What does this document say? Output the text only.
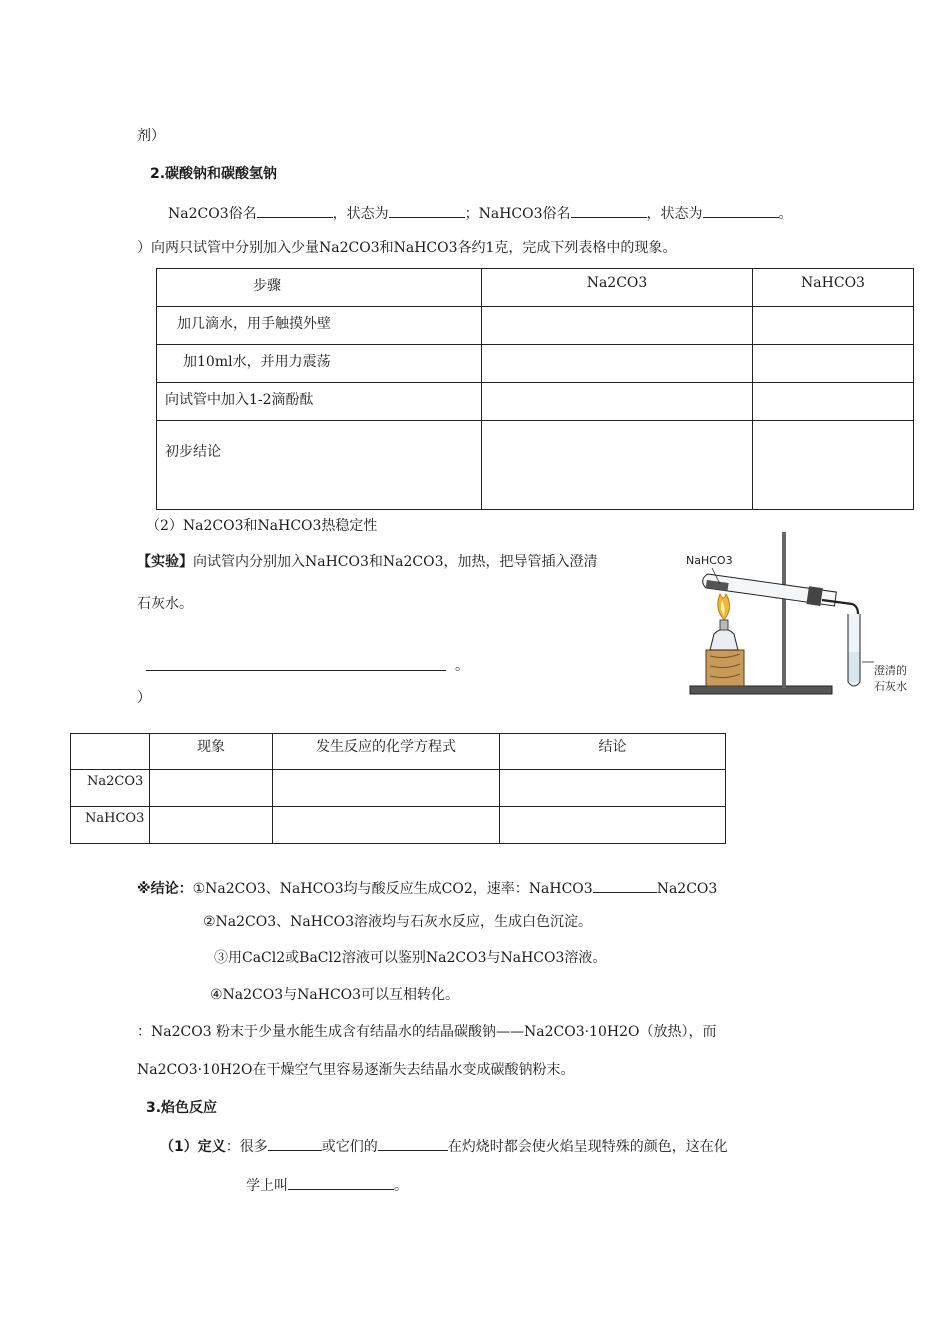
剂）
2.碳酸钠和碳酸氢钠
Na2CO3俗名	，状态为	；NaHCO3俗名	，状态为	。
）向两只试管中分别加入少量Na2CO3和NaHCO3各约1克，完成下列表格中的现象。
步骤	Na2CO3	NaHCO3
加几滴水，用手触摸外壁		
加10ml水，并用力震荡		
向试管中加入1-2滴酚酞		
初步结论		
（2）Na2CO3和NaHCO3热稳定性
【实验】向试管内分别加入NaHCO3和Na2CO3，加热，把导管插入澄清
石灰水。
。
）
NaHCO3
澄清的
石灰水
	现象	发生反应的化学方程式	结论
Na2CO3			
NaHCO3			
※结论：①Na2CO3、NaHCO3均与酸反应生成CO2，速率：NaHCO3	Na2CO3
②Na2CO3、NaHCO3溶液均与石灰水反应，生成白色沉淀。
③用CaCl2或BaCl2溶液可以鉴别Na2CO3与NaHCO3溶液。
④Na2CO3与NaHCO3可以互相转化。
：Na2CO3 粉末于少量水能生成含有结晶水的结晶碳酸钠——Na2CO3·10H2O（放热），而
Na2CO3·10H2O在干燥空气里容易逐渐失去结晶水变成碳酸钠粉末。
3.焰色反应
（1）定义：很多	或它们的	在灼烧时都会使火焰呈现特殊的颜色，这在化
学上叫	。
